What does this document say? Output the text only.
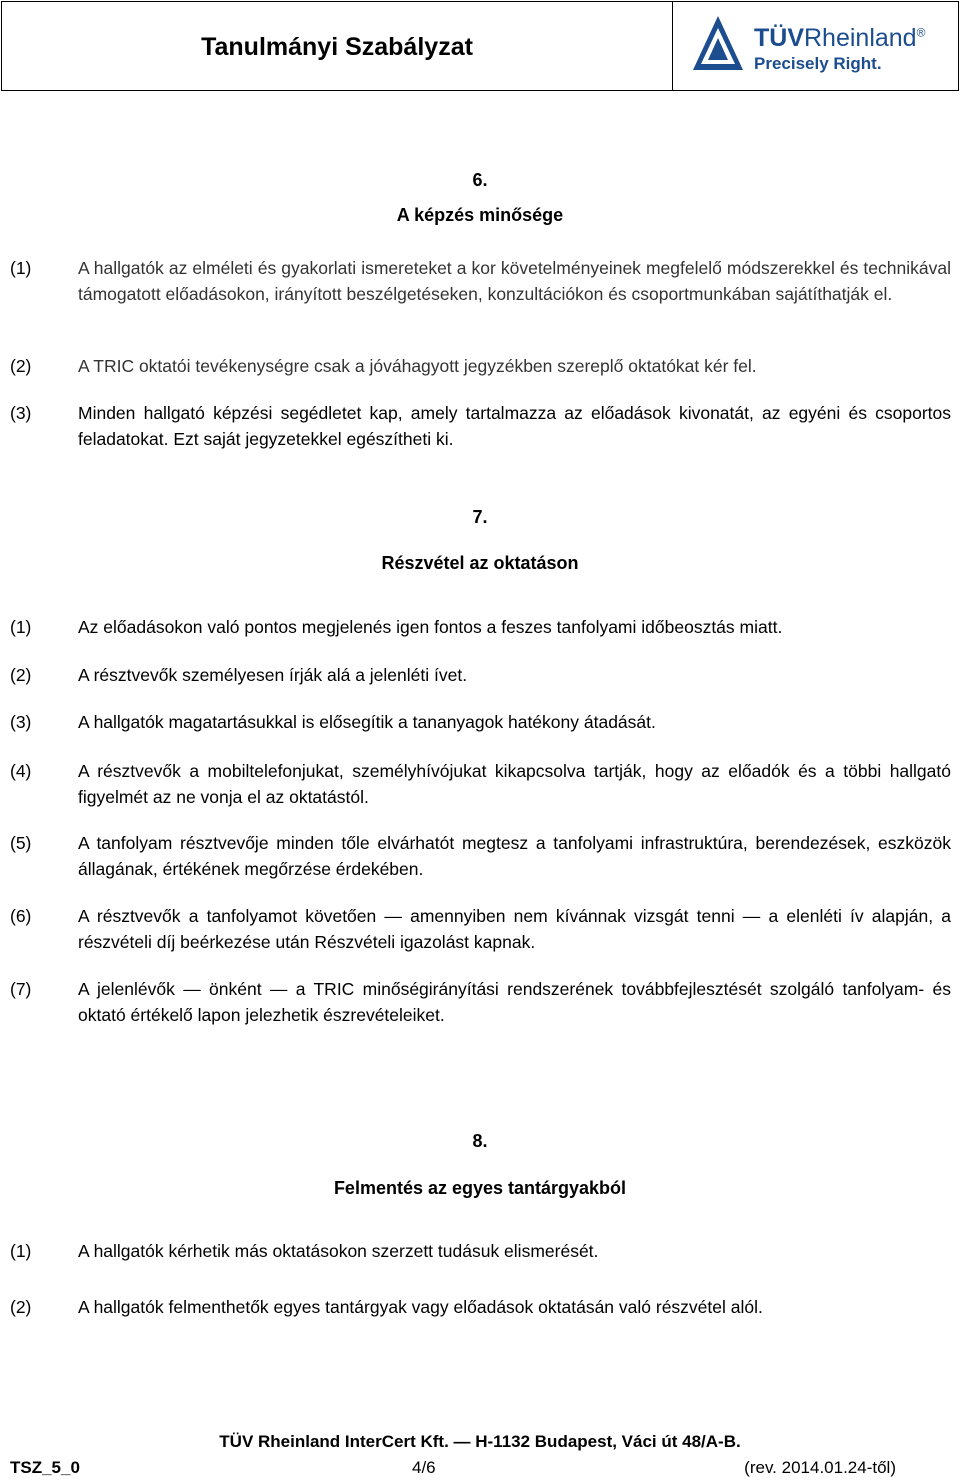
Tanulmányi Szabályzat	TÜVRheinland®
Precisely Right.
6.
A képzés minősége
(1)	A hallgatók az elméleti és gyakorlati ismereteket a kor követelményeinek megfelelő módszerekkel és technikával támogatott előadásokon, irányított beszélgetéseken, konzultációkon és csoportmunkában sajátíthatják el.
(2)	A TRIC oktatói tevékenységre csak a jóváhagyott jegyzékben szereplő oktatókat kér fel.
(3)	Minden hallgató képzési segédletet kap, amely tartalmazza az előadások kivonatát, az egyéni és csoportos feladatokat. Ezt saját jegyzetekkel egészítheti ki.
7.
Részvétel az oktatáson
(1)	Az előadásokon való pontos megjelenés igen fontos a feszes tanfolyami időbeosztás miatt.
(2)	A résztvevők személyesen írják alá a jelenléti ívet.
(3)	A hallgatók magatartásukkal is elősegítik a tananyagok hatékony átadását.
(4)	A résztvevők a mobiltelefonjukat, személyhívójukat kikapcsolva tartják, hogy az előadók és a többi hallgató figyelmét az ne vonja el az oktatástól.
(5)	A tanfolyam résztvevője minden tőle elvárhatót megtesz a tanfolyami infrastruktúra, berendezések, eszközök állagának, értékének megőrzése érdekében.
(6)	A résztvevők a tanfolyamot követően — amennyiben nem kívánnak vizsgát tenni — a elenléti ív alapján, a részvételi díj beérkezése után Részvételi igazolást kapnak.
(7)	A jelenlévők — önként — a TRIC minőségirányítási rendszerének továbbfejlesztését szolgáló tanfolyam- és oktató értékelő lapon jelezhetik észrevételeiket.
8.
Felmentés az egyes tantárgyakból
(1)	A hallgatók kérhetik más oktatásokon szerzett tudásuk elismerését.
(2)	A hallgatók felmenthetők egyes tantárgyak vagy előadások oktatásán való részvétel alól.
TÜV Rheinland InterCert Kft. — H-1132 Budapest, Váci út 48/A-B.
TSZ_5_0	4/6	(rev. 2014.01.24-től)
